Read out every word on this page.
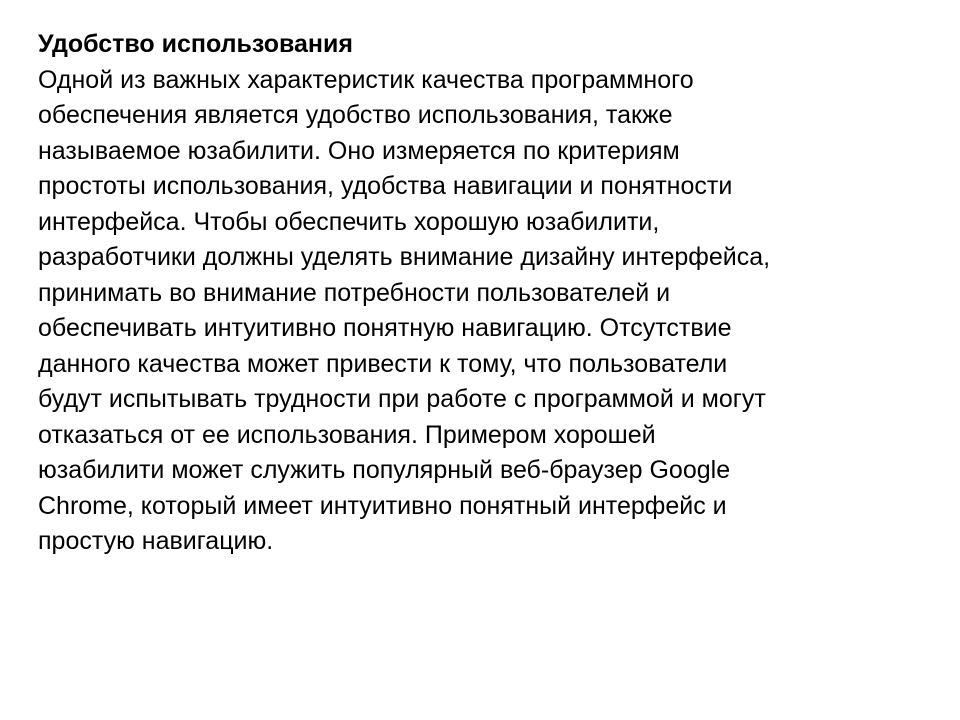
Удобство использования
Одной из важных характеристик качества программного
обеспечения является удобство использования, также
называемое юзабилити. Оно измеряется по критериям
простоты использования, удобства навигации и понятности
интерфейса. Чтобы обеспечить хорошую юзабилити,
разработчики должны уделять внимание дизайну интерфейса,
принимать во внимание потребности пользователей и
обеспечивать интуитивно понятную навигацию. Отсутствие
данного качества может привести к тому, что пользователи
будут испытывать трудности при работе с программой и могут
отказаться от ее использования. Примером хорошей
юзабилити может служить популярный веб-браузер Google
Chrome, который имеет интуитивно понятный интерфейс и
простую навигацию.
